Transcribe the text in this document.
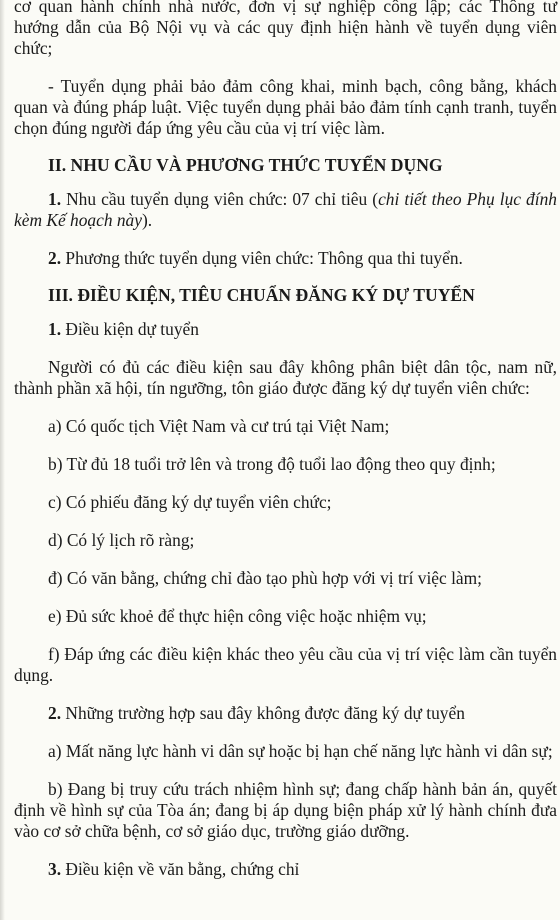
cơ quan hành chính nhà nước, đơn vị sự nghiệp công lập; các Thông tư hướng dẫn của Bộ Nội vụ và các quy định hiện hành về tuyển dụng viên chức;

- Tuyển dụng phải bảo đảm công khai, minh bạch, công bằng, khách quan và đúng pháp luật. Việc tuyển dụng phải bảo đảm tính cạnh tranh, tuyển chọn đúng người đáp ứng yêu cầu của vị trí việc làm.

II. NHU CẦU VÀ PHƯƠNG THỨC TUYỂN DỤNG

1. Nhu cầu tuyển dụng viên chức: 07 chỉ tiêu (chi tiết theo Phụ lục đính kèm Kế hoạch này).

2. Phương thức tuyển dụng viên chức: Thông qua thi tuyển.

III. ĐIỀU KIỆN, TIÊU CHUẨN ĐĂNG KÝ DỰ TUYỂN

1. Điều kiện dự tuyển

Người có đủ các điều kiện sau đây không phân biệt dân tộc, nam nữ, thành phần xã hội, tín ngưỡng, tôn giáo được đăng ký dự tuyển viên chức:

a) Có quốc tịch Việt Nam và cư trú tại Việt Nam;

b) Từ đủ 18 tuổi trở lên và trong độ tuổi lao động theo quy định;

c) Có phiếu đăng ký dự tuyển viên chức;

d) Có lý lịch rõ ràng;

đ) Có văn bằng, chứng chỉ đào tạo phù hợp với vị trí việc làm;

e) Đủ sức khoẻ để thực hiện công việc hoặc nhiệm vụ;

f) Đáp ứng các điều kiện khác theo yêu cầu của vị trí việc làm cần tuyển dụng.

2. Những trường hợp sau đây không được đăng ký dự tuyển

a) Mất năng lực hành vi dân sự hoặc bị hạn chế năng lực hành vi dân sự;

b) Đang bị truy cứu trách nhiệm hình sự; đang chấp hành bản án, quyết định về hình sự của Tòa án; đang bị áp dụng biện pháp xử lý hành chính đưa vào cơ sở chữa bệnh, cơ sở giáo dục, trường giáo dưỡng.

3. Điều kiện về văn bằng, chứng chỉ
